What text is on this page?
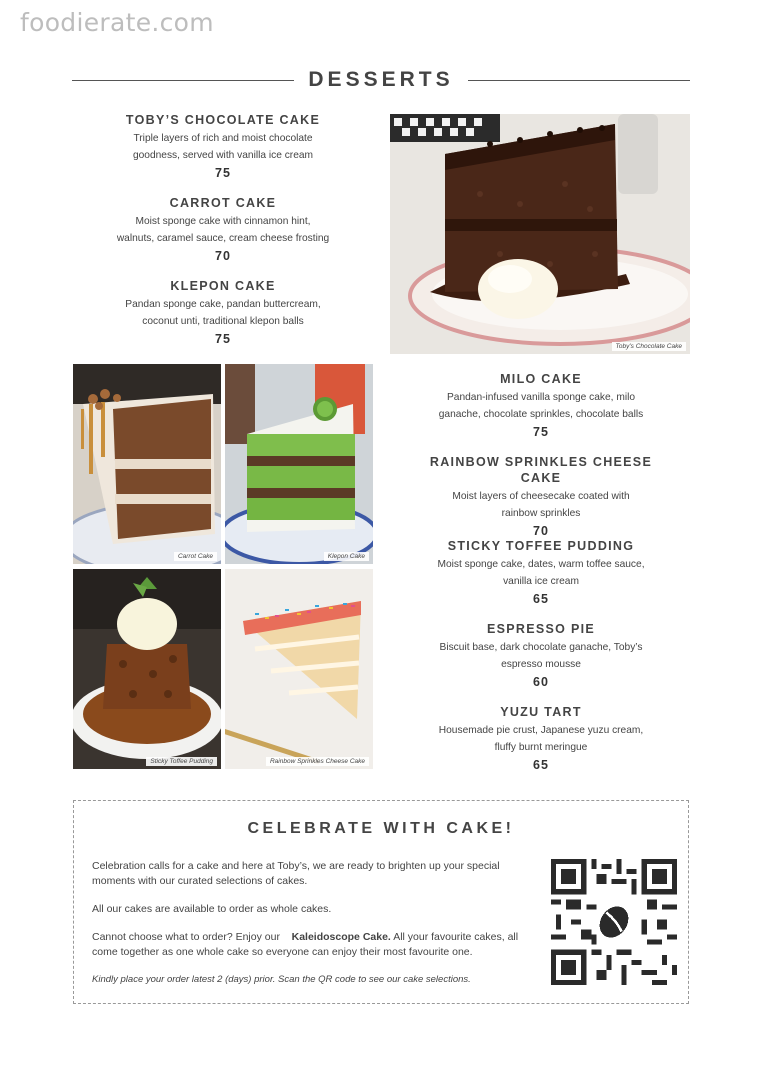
foodierate.com
DESSERTS
TOBY’S CHOCOLATE CAKE
Triple layers of rich and moist chocolate
goodness, served with vanilla ice cream
75
CARROT CAKE
Moist sponge cake with cinnamon hint,
walnuts, caramel sauce, cream cheese frosting
70
KLEPON CAKE
Pandan sponge cake, pandan buttercream,
coconut unti, traditional klepon balls
75
MILO CAKE
Pandan-infused vanilla sponge cake, milo
ganache, chocolate sprinkles, chocolate balls
75
RAINBOW SPRINKLES CHEESE CAKE
Moist layers of cheesecake coated with
rainbow sprinkles
70
STICKY TOFFEE PUDDING
Moist sponge cake, dates, warm toffee sauce,
vanilla ice cream
65
ESPRESSO PIE
Biscuit base, dark chocolate ganache, Toby’s
espresso mousse
60
YUZU TART
Housemade pie crust, Japanese yuzu cream,
fluffy burnt meringue
65
Toby’s Chocolate Cake
Carrot Cake	Klepon Cake
Sticky Toffee Pudding	Rainbow Sprinkles Cheese Cake
CELEBRATE WITH CAKE!

Celebration calls for a cake and here at Toby’s, we are ready to brighten up your special moments with our curated selections of cakes.

All our cakes are available to order as whole cakes.

Cannot choose what to order? Enjoy our Kaleidoscope Cake. All your favourite cakes, all come together as one whole cake so everyone can enjoy their most favourite one.

Kindly place your order latest 2 (days) prior. Scan the QR code to see our cake selections.
